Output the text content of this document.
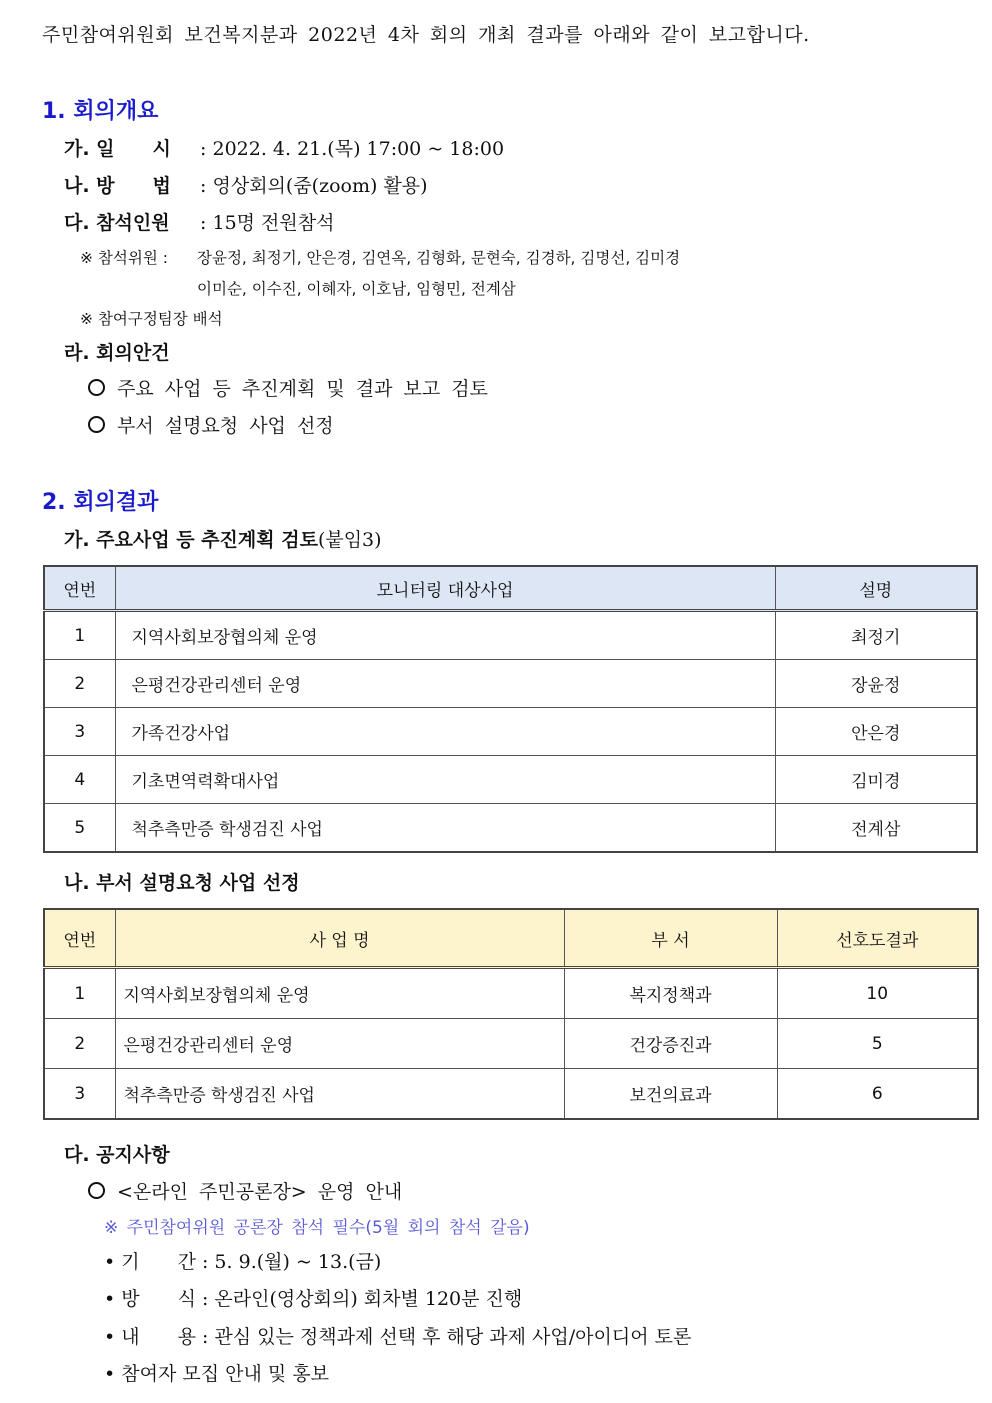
주민참여위원회 보건복지분과 2022년 4차 회의 개최 결과를 아래와 같이 보고합니다.
1. 회의개요
가. 일　　시 : 2022. 4. 21.(목) 17:00 ~ 18:00
나. 방　　법 : 영상회의(줌(zoom) 활용)
다. 참석인원 : 15명 전원참석
※ 참석위원 :장윤정, 최정기, 안은경, 김연옥, 김형화, 문현숙, 김경하, 김명선, 김미경
이미순, 이수진, 이혜자, 이호남, 임형민, 전계삼
※ 참여구정팀장 배석
라. 회의안건
주요 사업 등 추진계획 및 결과 보고 검토
부서 설명요청 사업 선정
2. 회의결과
가. 주요사업 등 추진계획 검토(붙임3)
연번	모니터링 대상사업	설명
1	지역사회보장협의체 운영	최정기
2	은평건강관리센터 운영	장윤정
3	가족건강사업	안은경
4	기초면역력확대사업	김미경
5	척추측만증 학생검진 사업	전계삼
나. 부서 설명요청 사업 선정
연번	사 업 명	부 서	선호도결과
1	지역사회보장협의체 운영	복지정책과	10
2	은평건강관리센터 운영	건강증진과	5
3	척추측만증 학생검진 사업	보건의료과	6
다. 공지사항
<온라인 주민공론장> 운영 안내
※ 주민참여위원 공론장 참석 필수(5월 회의 참석 갈음)
• 기　　간 : 5. 9.(월) ~ 13.(금)
• 방　　식 : 온라인(영상회의) 회차별 120분 진행
• 내　　용 : 관심 있는 정책과제 선택 후 해당 과제 사업/아이디어 토론
• 참여자 모집 안내 및 홍보
